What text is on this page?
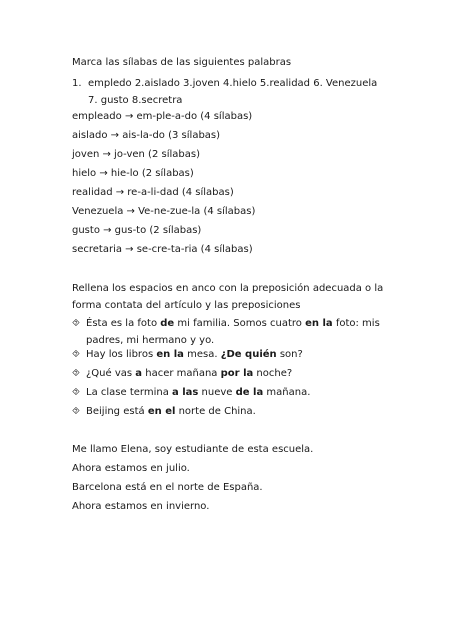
Marca las sílabas de las siguientes palabras
1. empledo 2.aislado 3.joven 4.hielo 5.realidad 6. Venezuela 7. gusto 8.secretra
empleado → em-ple-a-do (4 sílabas)
aislado → ais-la-do (3 sílabas)
joven → jo-ven (2 sílabas)
hielo → hie-lo (2 sílabas)
realidad → re-a-li-dad (4 sílabas)
Venezuela → Ve-ne-zue-la (4 sílabas)
gusto → gus-to (2 sílabas)
secretaria → se-cre-ta-ria (4 sílabas)
Rellena los espacios en anco con la preposición adecuada o la forma contata del artículo y las preposiciones
⯑ Ésta es la foto de mi familia. Somos cuatro en la foto: mis padres, mi hermano y yo.
⯑ Hay los libros en la mesa. ¿De quién son?
⯑ ¿Qué vas a hacer mañana por la noche?
⯑ La clase termina a las nueve de la mañana.
⯑ Beijing está en el norte de China.
Me llamo Elena, soy estudiante de esta escuela.
Ahora estamos en julio.
Barcelona está en el norte de España.
Ahora estamos en invierno.
